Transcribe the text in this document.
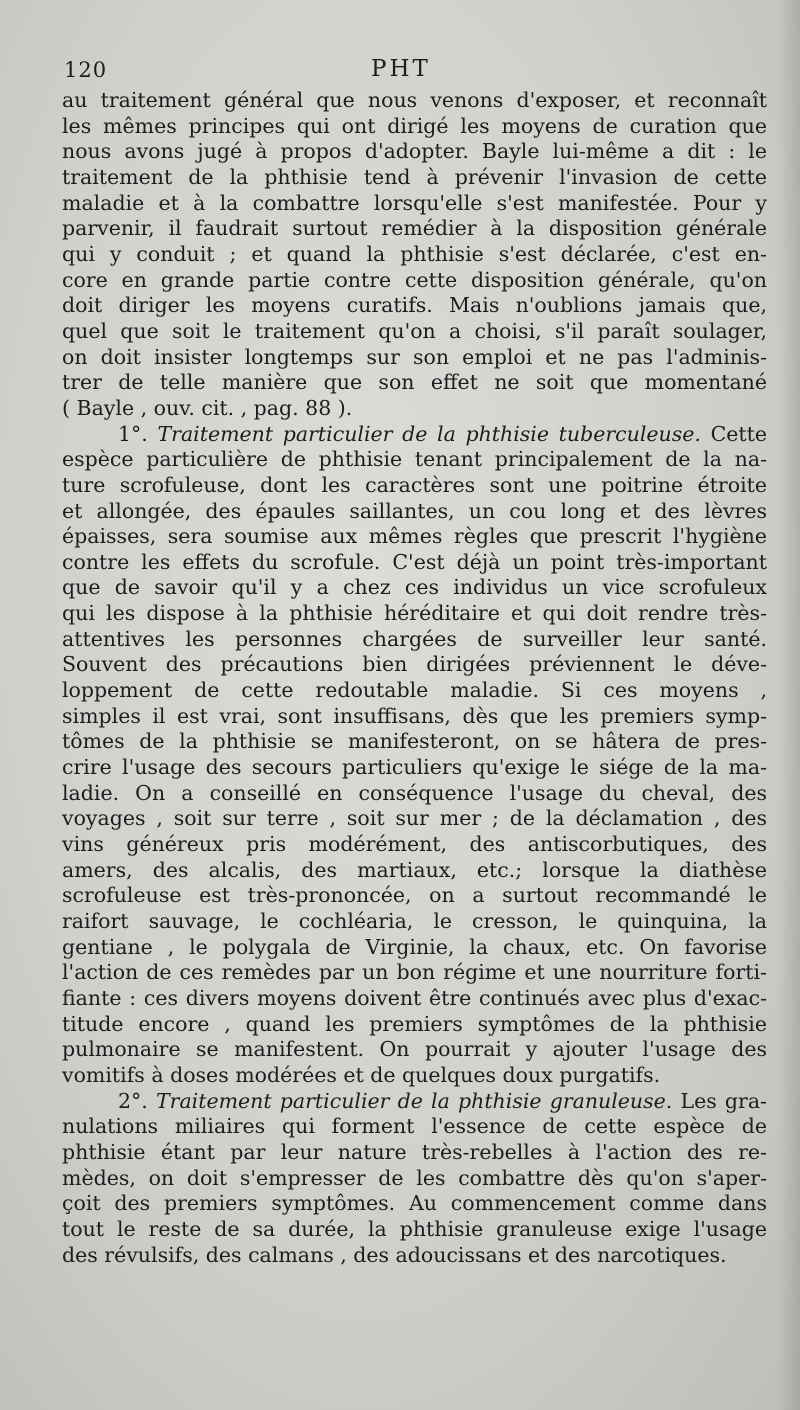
120	PHT
au traitement général que nous venons d'exposer, et reconnaît
les mêmes principes qui ont dirigé les moyens de curation que
nous avons jugé à propos d'adopter. Bayle lui-même a dit : le
traitement de la phthisie tend à prévenir l'invasion de cette
maladie et à la combattre lorsqu'elle s'est manifestée. Pour y
parvenir, il faudrait surtout remédier à la disposition générale
qui y conduit ; et quand la phthisie s'est déclarée, c'est en-
core en grande partie contre cette disposition générale, qu'on
doit diriger les moyens curatifs. Mais n'oublions jamais que,
quel que soit le traitement qu'on a choisi, s'il paraît soulager,
on doit insister longtemps sur son emploi et ne pas l'adminis-
trer de telle manière que son effet ne soit que momentané
( Bayle , ouv. cit. , pag. 88 ).
1°. Traitement particulier de la phthisie tuberculeuse. Cette
espèce particulière de phthisie tenant principalement de la na-
ture scrofuleuse, dont les caractères sont une poitrine étroite
et allongée, des épaules saillantes, un cou long et des lèvres
épaisses, sera soumise aux mêmes règles que prescrit l'hygiène
contre les effets du scrofule. C'est déjà un point très-important
que de savoir qu'il y a chez ces individus un vice scrofuleux
qui les dispose à la phthisie héréditaire et qui doit rendre très-
attentives les personnes chargées de surveiller leur santé.
Souvent des précautions bien dirigées préviennent le déve-
loppement de cette redoutable maladie. Si ces moyens ,
simples il est vrai, sont insuffisans, dès que les premiers symp-
tômes de la phthisie se manifesteront, on se hâtera de pres-
crire l'usage des secours particuliers qu'exige le siége de la ma-
ladie. On a conseillé en conséquence l'usage du cheval, des
voyages , soit sur terre , soit sur mer ; de la déclamation , des
vins généreux pris modérément, des antiscorbutiques, des
amers, des alcalis, des martiaux, etc.; lorsque la diathèse
scrofuleuse est très-prononcée, on a surtout recommandé le
raifort sauvage, le cochléaria, le cresson, le quinquina, la
gentiane , le polygala de Virginie, la chaux, etc. On favorise
l'action de ces remèdes par un bon régime et une nourriture forti-
fiante : ces divers moyens doivent être continués avec plus d'exac-
titude encore , quand les premiers symptômes de la phthisie
pulmonaire se manifestent. On pourrait y ajouter l'usage des
vomitifs à doses modérées et de quelques doux purgatifs.
2°. Traitement particulier de la phthisie granuleuse. Les gra-
nulations miliaires qui forment l'essence de cette espèce de
phthisie étant par leur nature très-rebelles à l'action des re-
mèdes, on doit s'empresser de les combattre dès qu'on s'aper-
çoit des premiers symptômes. Au commencement comme dans
tout le reste de sa durée, la phthisie granuleuse exige l'usage
des révulsifs, des calmans , des adoucissans et des narcotiques.
